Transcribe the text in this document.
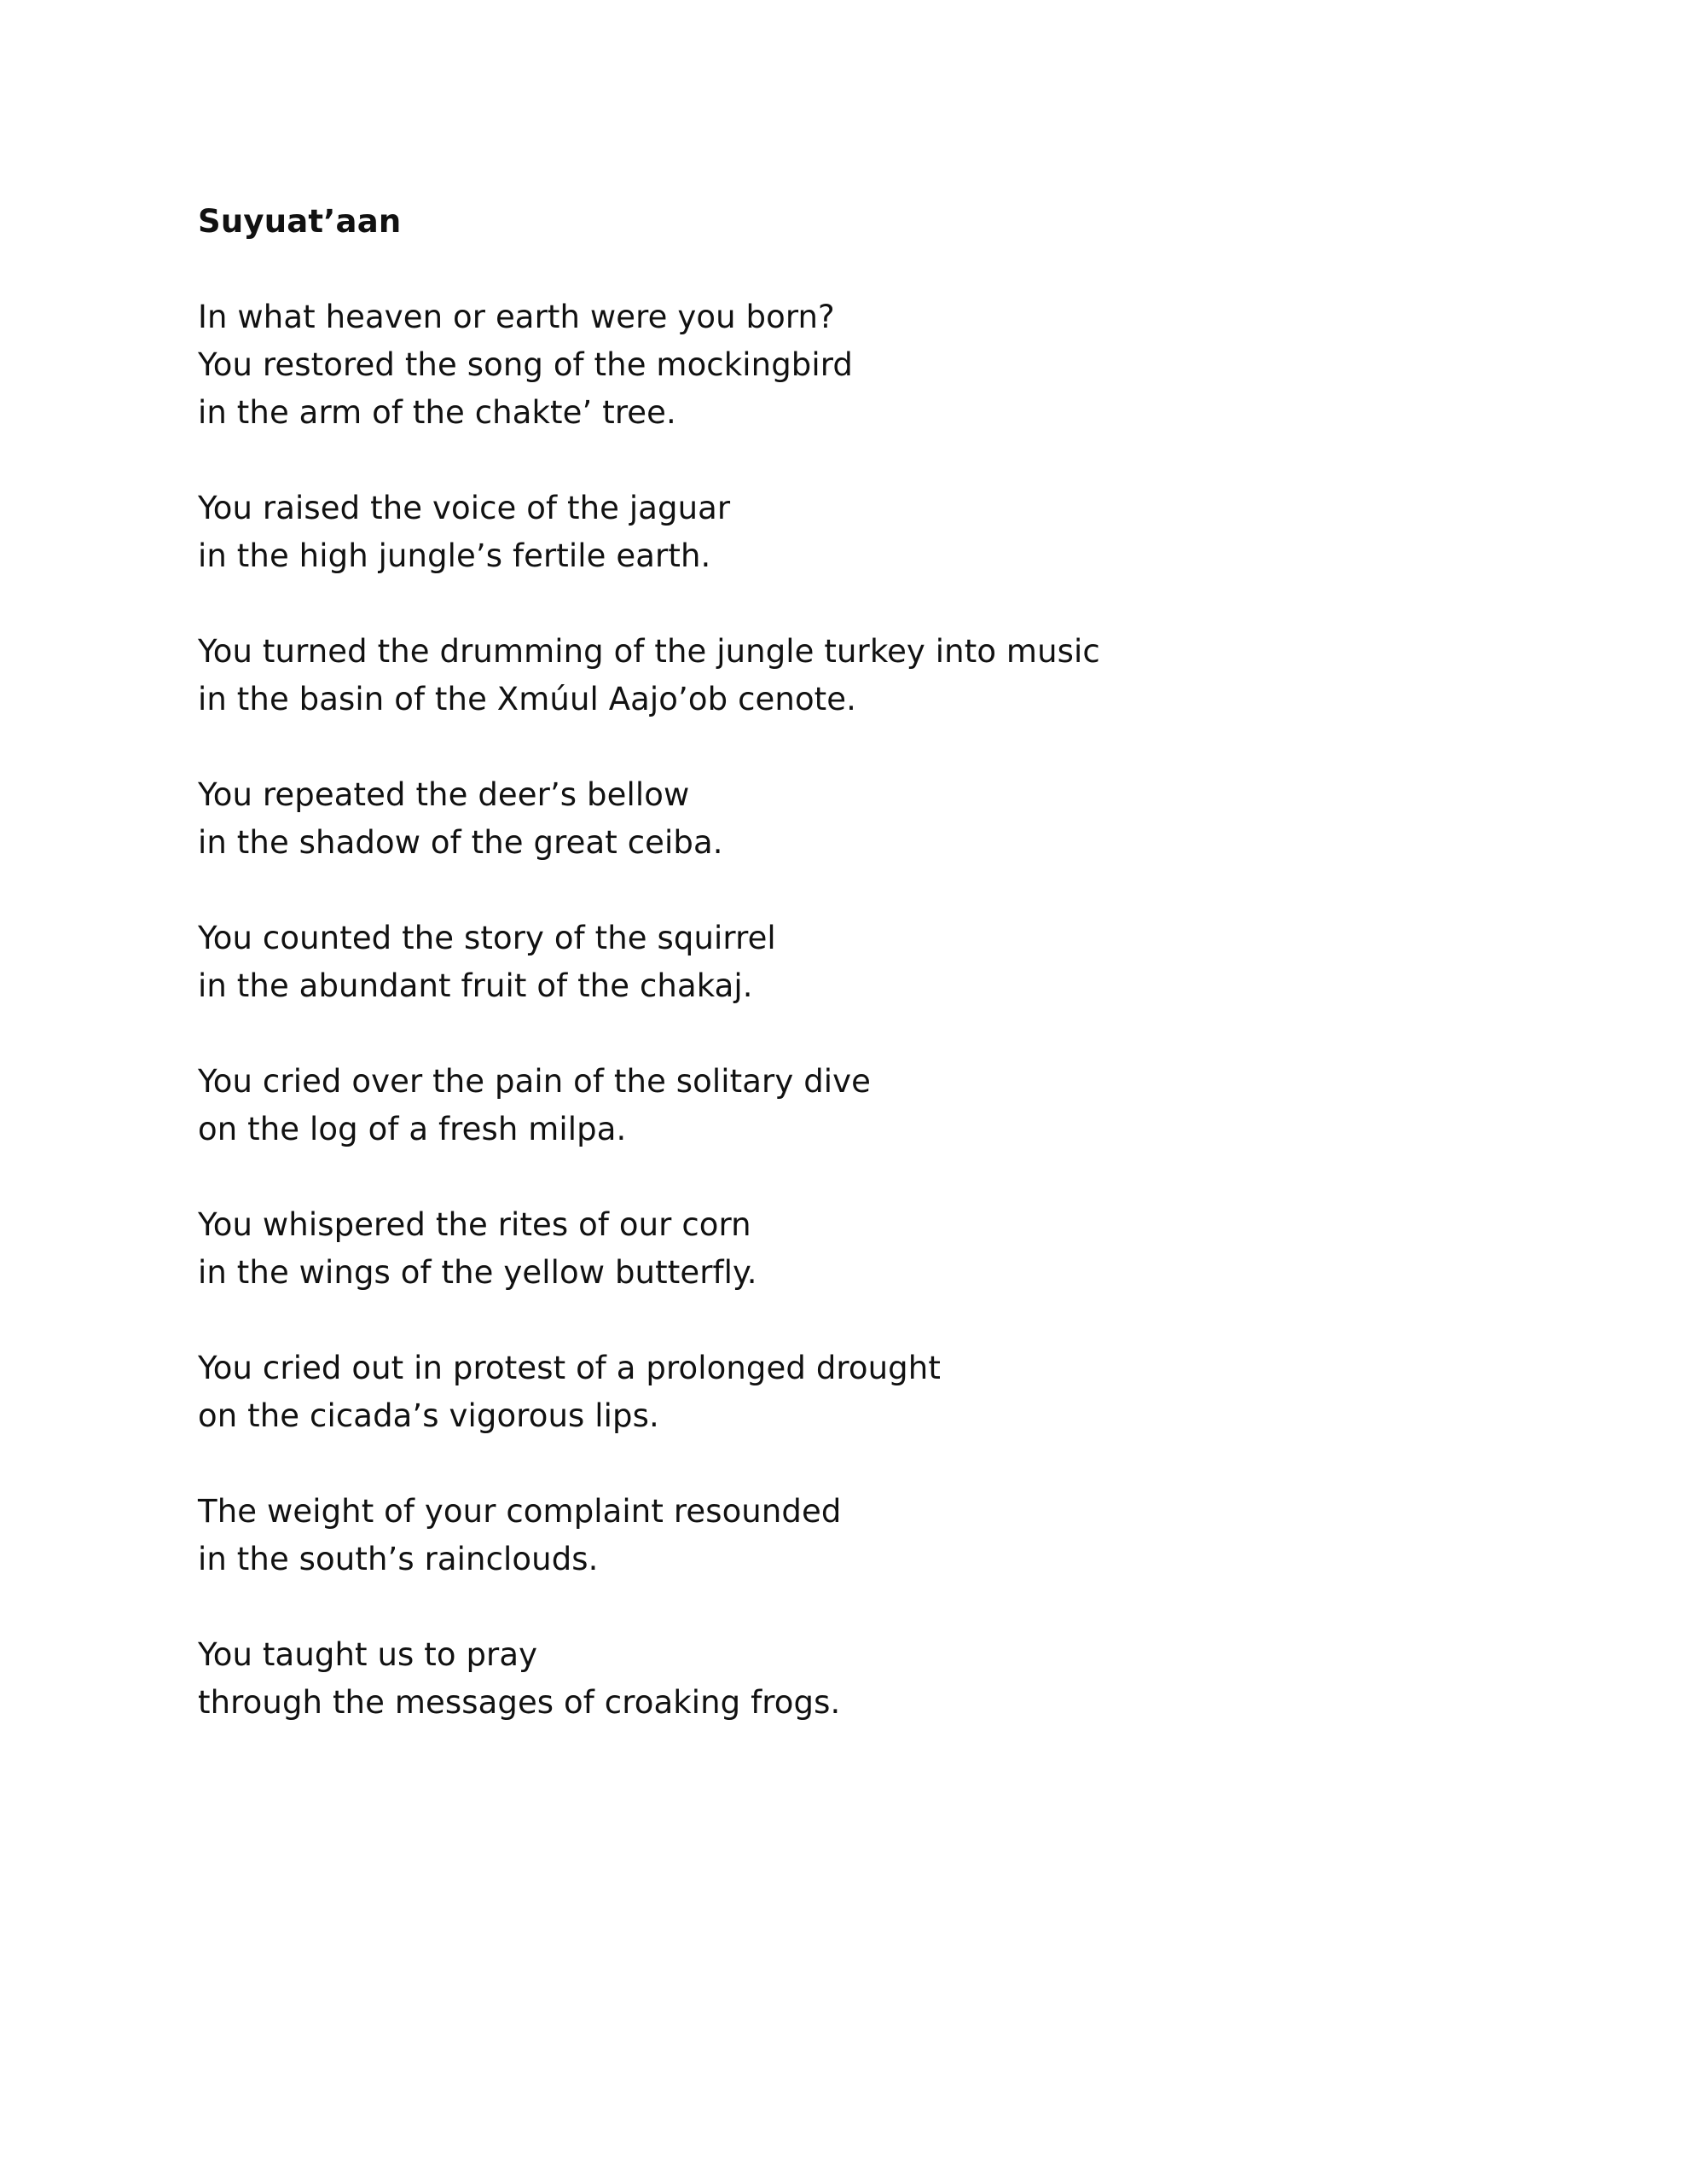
Suyuat’aan
In what heaven or earth were you born?
You restored the song of the mockingbird
in the arm of the chakte’ tree.
You raised the voice of the jaguar
in the high jungle’s fertile earth.
You turned the drumming of the jungle turkey into music
in the basin of the Xmúul Aajo’ob cenote.
You repeated the deer’s bellow
in the shadow of the great ceiba.
You counted the story of the squirrel
in the abundant fruit of the chakaj.
You cried over the pain of the solitary dive
on the log of a fresh milpa.
You whispered the rites of our corn
in the wings of the yellow butterfly.
You cried out in protest of a prolonged drought
on the cicada’s vigorous lips.
The weight of your complaint resounded
in the south’s rainclouds.
You taught us to pray
through the messages of croaking frogs.
